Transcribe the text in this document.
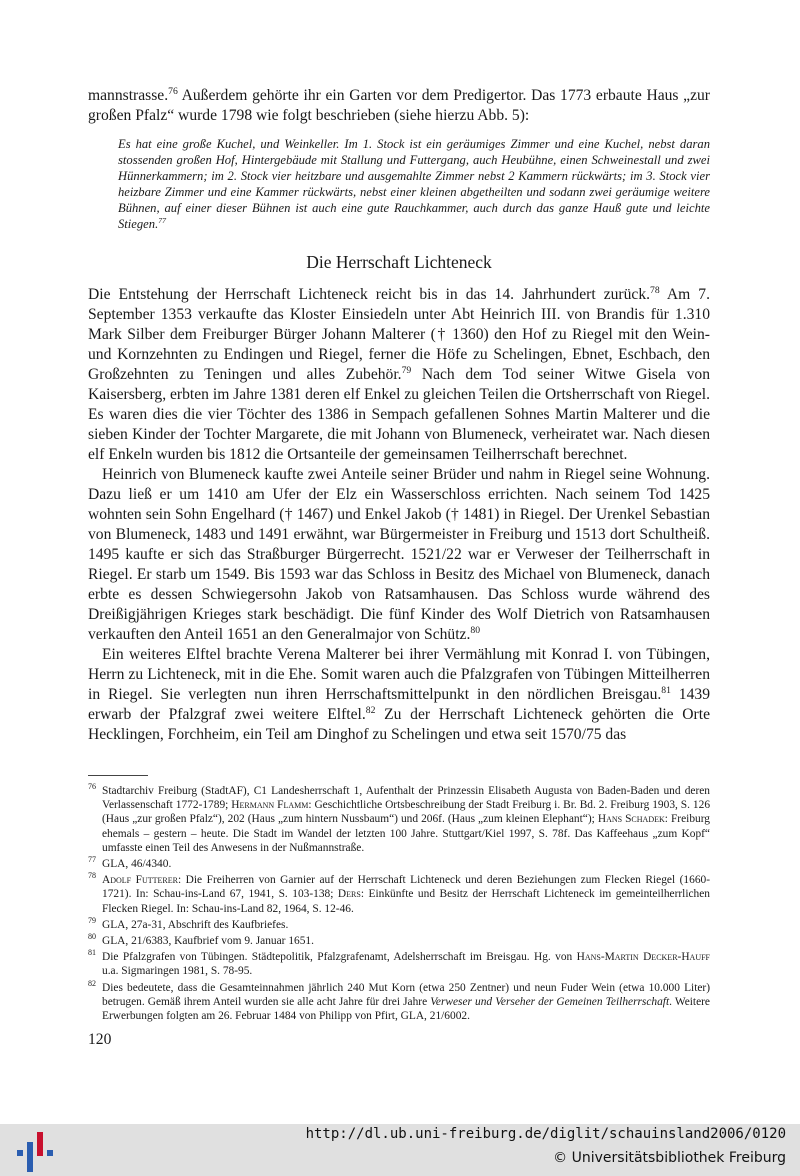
mannstrasse.$^{76}$ Außerdem gehörte ihr ein Garten vor dem Predigertor. Das 1773 erbaute Haus „zur großen Pfalz“ wurde 1798 wie folgt beschrieben (siehe hierzu Abb. 5):

Es hat eine große Kuchel, und Weinkeller. Im 1. Stock ist ein geräumiges Zimmer und eine Kuchel, nebst daran stossenden großen Hof, Hintergebäude mit Stallung und Futtergang, auch Heubühne, einen Schweinestall und zwei Hünnerkammern; im 2. Stock vier heitzbare und ausgemahlte Zimmer nebst 2 Kammern rückwärts; im 3. Stock vier heizbare Zimmer und eine Kammer rückwärts, nebst einer kleinen abgetheilten und sodann zwei geräumige weitere Bühnen, auf einer dieser Bühnen ist auch eine gute Rauchkammer, auch durch das ganze Hauß gute und leichte Stiegen.$^{77}$

Die Herrschaft Lichteneck

Die Entstehung der Herrschaft Lichteneck reicht bis in das 14. Jahrhundert zurück.$^{78}$ Am 7. September 1353 verkaufte das Kloster Einsiedeln unter Abt Heinrich III. von Brandis für 1.310 Mark Silber dem Freiburger Bürger Johann Malterer († 1360) den Hof zu Riegel mit den Wein- und Kornzehnten zu Endingen und Riegel, ferner die Höfe zu Schelingen, Ebnet, Eschbach, den Großzehnten zu Teningen und alles Zubehör.$^{79}$ Nach dem Tod seiner Witwe Gisela von Kaisersberg, erbten im Jahre 1381 deren elf Enkel zu gleichen Teilen die Ortsherrschaft von Riegel. Es waren dies die vier Töchter des 1386 in Sempach gefallenen Sohnes Martin Malterer und die sieben Kinder der Tochter Margarete, die mit Johann von Blumeneck, verheiratet war. Nach diesen elf Enkeln wurden bis 1812 die Ortsanteile der gemeinsamen Teilherrschaft berechnet.

Heinrich von Blumeneck kaufte zwei Anteile seiner Brüder und nahm in Riegel seine Wohnung. Dazu ließ er um 1410 am Ufer der Elz ein Wasserschloss errichten. Nach seinem Tod 1425 wohnten sein Sohn Engelhard († 1467) und Enkel Jakob († 1481) in Riegel. Der Urenkel Sebastian von Blumeneck, 1483 und 1491 erwähnt, war Bürgermeister in Freiburg und 1513 dort Schultheiß. 1495 kaufte er sich das Straßburger Bürgerrecht. 1521/22 war er Verweser der Teilherrschaft in Riegel. Er starb um 1549. Bis 1593 war das Schloss in Besitz des Michael von Blumeneck, danach erbte es dessen Schwiegersohn Jakob von Ratsamhausen. Das Schloss wurde während des Dreißigjährigen Krieges stark beschädigt. Die fünf Kinder des Wolf Dietrich von Ratsamhausen verkauften den Anteil 1651 an den Generalmajor von Schütz.$^{80}$

Ein weiteres Elftel brachte Verena Malterer bei ihrer Vermählung mit Konrad I. von Tübingen, Herrn zu Lichteneck, mit in die Ehe. Somit waren auch die Pfalzgrafen von Tübingen Mitteilherren in Riegel. Sie verlegten nun ihren Herrschaftsmittelpunkt in den nördlichen Breisgau.$^{81}$ 1439 erwarb der Pfalzgraf zwei weitere Elftel.$^{82}$ Zu der Herrschaft Lichteneck gehörten die Orte Hecklingen, Forchheim, ein Teil am Dinghof zu Schelingen und etwa seit 1570/75 das

76 Stadtarchiv Freiburg (StadtAF), C1 Landesherrschaft 1, Aufenthalt der Prinzessin Elisabeth Augusta von Baden-Baden und deren Verlassenschaft 1772-1789; Hermann Flamm: Geschichtliche Ortsbeschreibung der Stadt Freiburg i. Br. Bd. 2. Freiburg 1903, S. 126 (Haus „zur großen Pfalz“), 202 (Haus „zum hintern Nussbaum“) und 206f. (Haus „zum kleinen Elephant“); Hans Schadek: Freiburg ehemals – gestern – heute. Die Stadt im Wandel der letzten 100 Jahre. Stuttgart/Kiel 1997, S. 78f. Das Kaffeehaus „zum Kopf“ umfasste einen Teil des Anwesens in der Nußmannstraße.

77 GLA, 46/4340.

78 Adolf Futterer: Die Freiherren von Garnier auf der Herrschaft Lichteneck und deren Beziehungen zum Flecken Riegel (1660-1721). In: Schau-ins-Land 67, 1941, S. 103-138; Ders: Einkünfte und Besitz der Herrschaft Lichteneck im gemeinteilherrlichen Flecken Riegel. In: Schau-ins-Land 82, 1964, S. 12-46.

79 GLA, 27a-31, Abschrift des Kaufbriefes.

80 GLA, 21/6383, Kaufbrief vom 9. Januar 1651.

81 Die Pfalzgrafen von Tübingen. Städtepolitik, Pfalzgrafenamt, Adelsherrschaft im Breisgau. Hg. von Hans-Martin Decker-Hauff u.a. Sigmaringen 1981, S. 78-95.

82 Dies bedeutete, dass die Gesamteinnahmen jährlich 240 Mut Korn (etwa 250 Zentner) und neun Fuder Wein (etwa 10.000 Liter) betrugen. Gemäß ihrem Anteil wurden sie alle acht Jahre für drei Jahre Verweser und Verseher der Gemeinen Teilherrschaft. Weitere Erwerbungen folgten am 26. Februar 1484 von Philipp von Pfirt, GLA, 21/6002.

120
http://dl.ub.uni-freiburg.de/diglit/schauinsland2006/0120
© Universitätsbibliothek Freiburg
